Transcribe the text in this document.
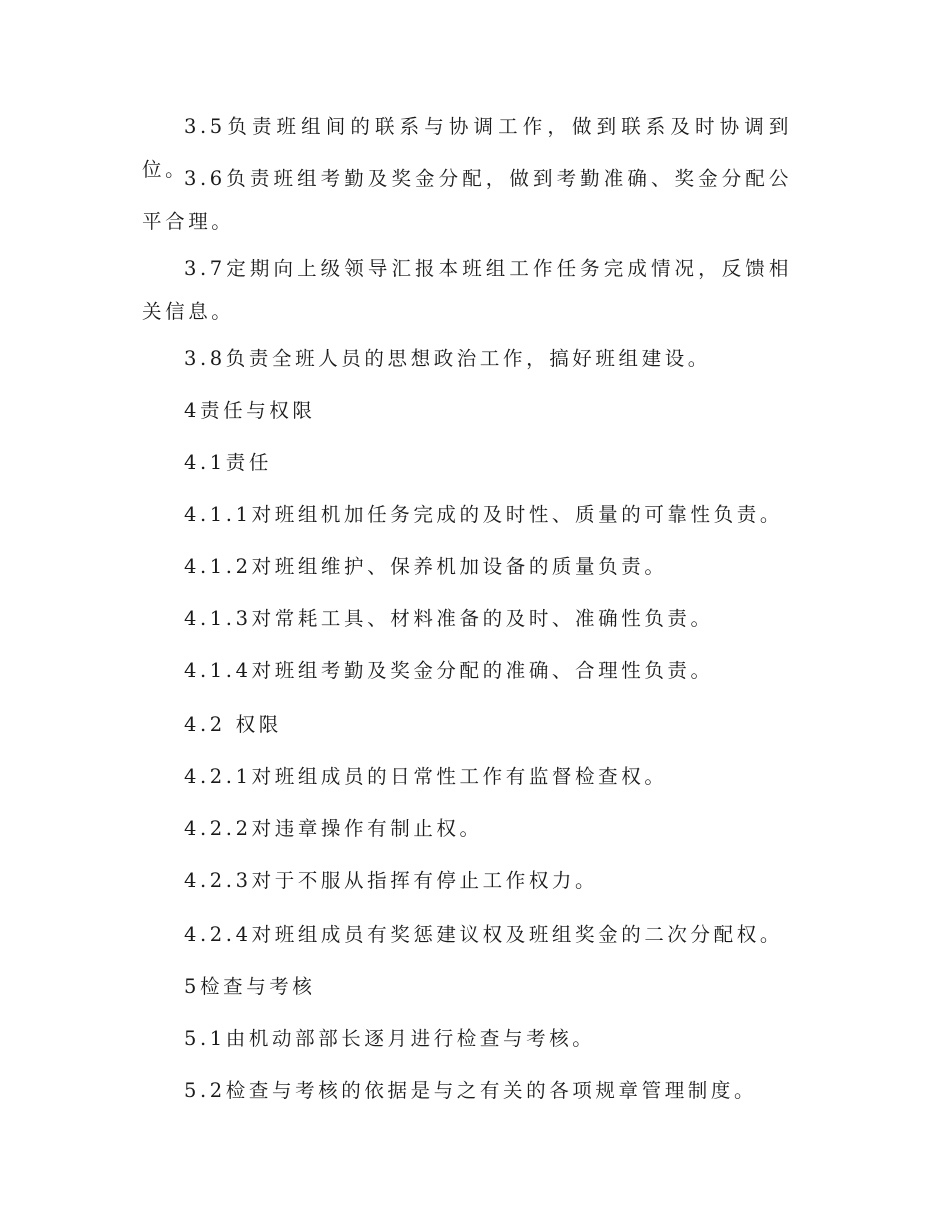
3.5负责班组间的联系与协调工作，做到联系及时协调到位。

3.6负责班组考勤及奖金分配，做到考勤准确、奖金分配公平合理。

3.7定期向上级领导汇报本班组工作任务完成情况，反馈相关信息。

3.8负责全班人员的思想政治工作，搞好班组建设。

4责任与权限

4.1责任

4.1.1对班组机加任务完成的及时性、质量的可靠性负责。

4.1.2对班组维护、保养机加设备的质量负责。

4.1.3对常耗工具、材料准备的及时、准确性负责。

4.1.4对班组考勤及奖金分配的准确、合理性负责。

4.2 权限

4.2.1对班组成员的日常性工作有监督检查权。

4.2.2对违章操作有制止权。

4.2.3对于不服从指挥有停止工作权力。

4.2.4对班组成员有奖惩建议权及班组奖金的二次分配权。

5检查与考核

5.1由机动部部长逐月进行检查与考核。

5.2检查与考核的依据是与之有关的各项规章管理制度。
